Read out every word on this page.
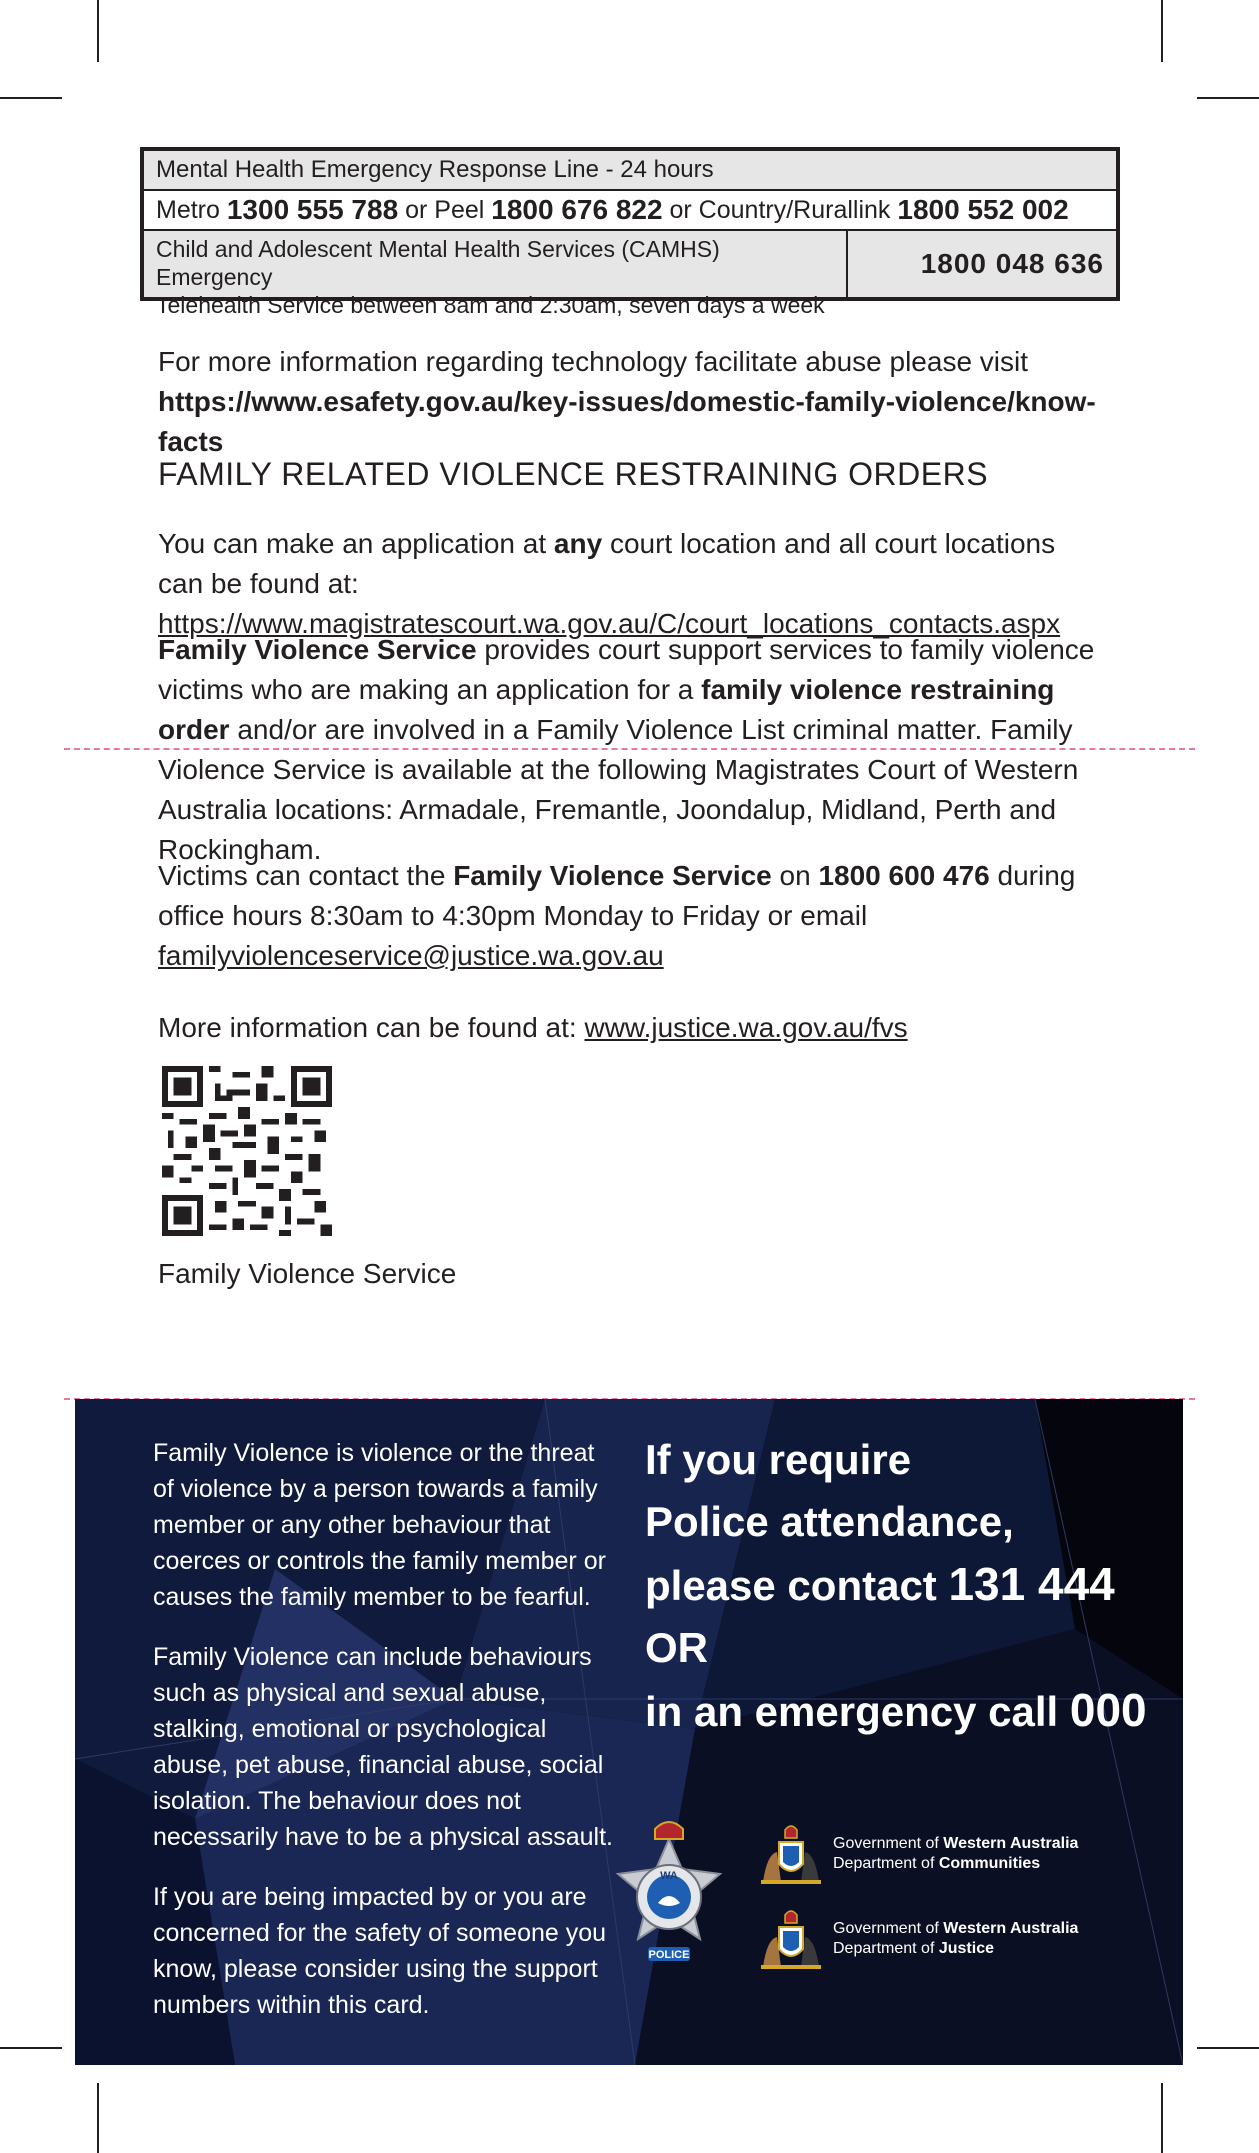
Mental Health Emergency Response Line - 24 hours
Metro
1300 555 788
or Peel
1800 676 822
or Country/Rurallink
1800 552 002
Child and Adolescent Mental Health Services (CAMHS) Emergency
Telehealth Service between 8am and 2:30am, seven days a week
1800 048 636

For more information regarding technology facilitate abuse please visit
https://www.esafety.gov.au/key-issues/domestic-family-violence/know-facts

FAMILY RELATED VIOLENCE RESTRAINING ORDERS

You can make an application at any court location and all court locations can be found at: https://www.magistratescourt.wa.gov.au/C/court_locations_contacts.aspx

Family Violence Service provides court support services to family violence victims who are making an application for a family violence restraining order and/or are involved in a Family Violence List criminal matter. Family Violence Service is available at the following Magistrates Court of Western Australia locations: Armadale, Fremantle, Joondalup, Midland, Perth and Rockingham.

Victims can contact the Family Violence Service on 1800 600 476 during office hours 8:30am to 4:30pm Monday to Friday or email
familyviolenceservice@justice.wa.gov.au

More information can be found at: www.justice.wa.gov.au/fvs

Family Violence Service

Family Violence is violence or the threat of violence by a person towards a family member or any other behaviour that coerces or controls the family member or causes the family member to be fearful.

Family Violence can include behaviours such as physical and sexual abuse, stalking, emotional or psychological abuse, pet abuse, financial abuse, social isolation. The behaviour does not necessarily have to be a physical assault.

If you are being impacted by or you are concerned for the safety of someone you know, please consider using the support numbers within this card.

If you require

Police attendance,

please contact 131 444

OR

in an emergency call 000

WA
POLICE
Government of Western Australia
Department of Communities
Government of Western Australia
Department of Justice
